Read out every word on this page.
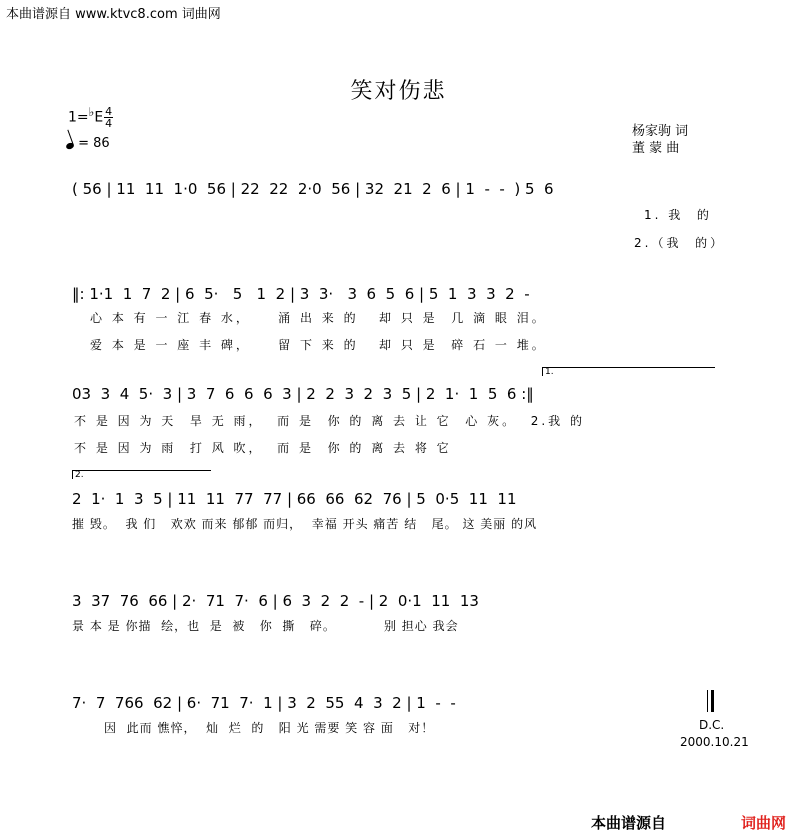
本曲谱源自 www.ktvc8.com 词曲网
笑对伤悲
1=♭E $\frac{4}{4}$
= 86
杨家驹 词
董 蒙 曲
( 56 | 11  11  1·0  56 | 22  22  2·0  56 | 32  21  2  6 | 1  -  -  ) 5  6
1. 我  的
2.（我  的）
‖: 1·1  1  7  2 | 6  5·   5   1  2 | 3  3·   3  6  5  6 | 5  1  3  3  2  -
心 本 有 一 江 春 水，    涌 出 来 的   却 只 是  几 滴 眼 泪。
爱 本 是 一 座 丰 碑，    留 下 来 的   却 只 是  碎 石 一 堆。
1.
03  3  4  5·  3 | 3  7  6  6  6  3 | 2  2  3  2  3  5 | 2  1·  1  5  6 :‖
不 是 因 为 天  旱 无 雨，  而 是  你 的 离 去 让 它  心 灰。  2.我 的
不 是 因 为 雨  打 风 吹，  而 是  你 的 离 去 将 它
2.
2  1·  1  3  5 | 11  11  77  77 | 66  66  62  76 | 5  0·5  11  11
摧 毁。  我 们   欢欢 而来 郁郁 而归，  幸福 开头 痛苦 结   尾。 这 美丽 的风
3  37  76  66 | 2·  71  7·  6 | 6  3  2  2  - | 2  0·1  11  13
景 本 是 你描  绘，也  是  被   你  撕   碎。          别 担心 我会
7·  7  766  62 | 6·  71  7·  1 | 3  2  55  4  3  2 | 1  -  -
因  此而 憔悴，  灿  烂  的   阳 光 需要 笑 容 面   对！	D.C.
2000.10.21
本曲谱源自	词曲网
